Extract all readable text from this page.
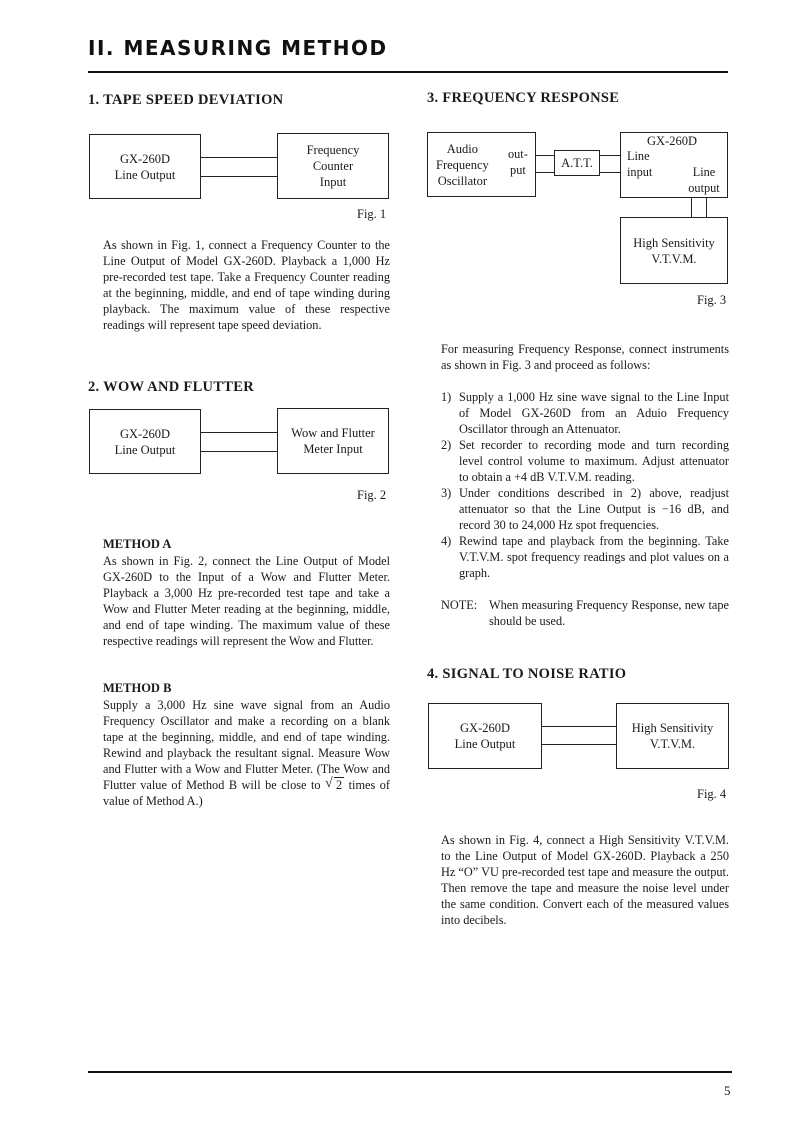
II. MEASURING METHOD
1. TAPE SPEED DEVIATION
GX-260D
Line Output
Frequency
Counter
Input
Fig. 1
As shown in Fig. 1, connect a Frequency Counter to the Line Output of Model GX-260D. Playback a 1,000 Hz pre-recorded test tape. Take a Frequency Counter reading at the beginning, middle, and end of tape winding during playback. The maximum value of these respective readings will represent tape speed deviation.
2. WOW AND FLUTTER
GX-260D
Line Output
Wow and Flutter
Meter Input
Fig. 2
METHOD A
As shown in Fig. 2, connect the Line Output of Model GX-260D to the Input of a Wow and Flutter Meter. Playback a 3,000 Hz pre-recorded test tape and take a Wow and Flutter Meter reading at the beginning, middle, and end of tape winding. The maximum value of these respective readings will represent the Wow and Flutter.
METHOD B
Supply a 3,000 Hz sine wave signal from an Audio Frequency Oscillator and make a recording on a blank tape at the beginning, middle, and end of tape winding. Rewind and playback the resultant signal. Measure Wow and Flutter with a Wow and Flutter Meter. (The Wow and Flutter value of Method B will be close to √ 2 times of value of Method A.)
3. FREQUENCY RESPONSE
Audio
Frequency
Oscillator
out-
put	A.T.T.
GX-260D
Line
input	Line
output
High Sensitivity
V.T.V.M.
Fig. 3
For measuring Frequency Response, connect instruments as shown in Fig. 3 and proceed as follows:
1) Supply a 1,000 Hz sine wave signal to the Line Input of Model GX-260D from an Aduio Frequency Oscillator through an Attenuator.
2) Set recorder to recording mode and turn recording level control volume to maximum. Adjust attenuator to obtain a +4 dB V.T.V.M. reading.
3) Under conditions described in 2) above, readjust attenuator so that the Line Output is −16 dB, and record 30 to 24,000 Hz spot frequencies.
4) Rewind tape and playback from the beginning. Take V.T.V.M. spot frequency readings and plot values on a graph.
NOTE: When measuring Frequency Response, new tape should be used.
4. SIGNAL TO NOISE RATIO
GX-260D
Line Output
High Sensitivity
V.T.V.M.
Fig. 4
As shown in Fig. 4, connect a High Sensitivity V.T.V.M. to the Line Output of Model GX-260D. Playback a 250 Hz “O” VU pre-recorded test tape and measure the output. Then remove the tape and measure the noise level under the same condition. Convert each of the measured values into decibels.
5
